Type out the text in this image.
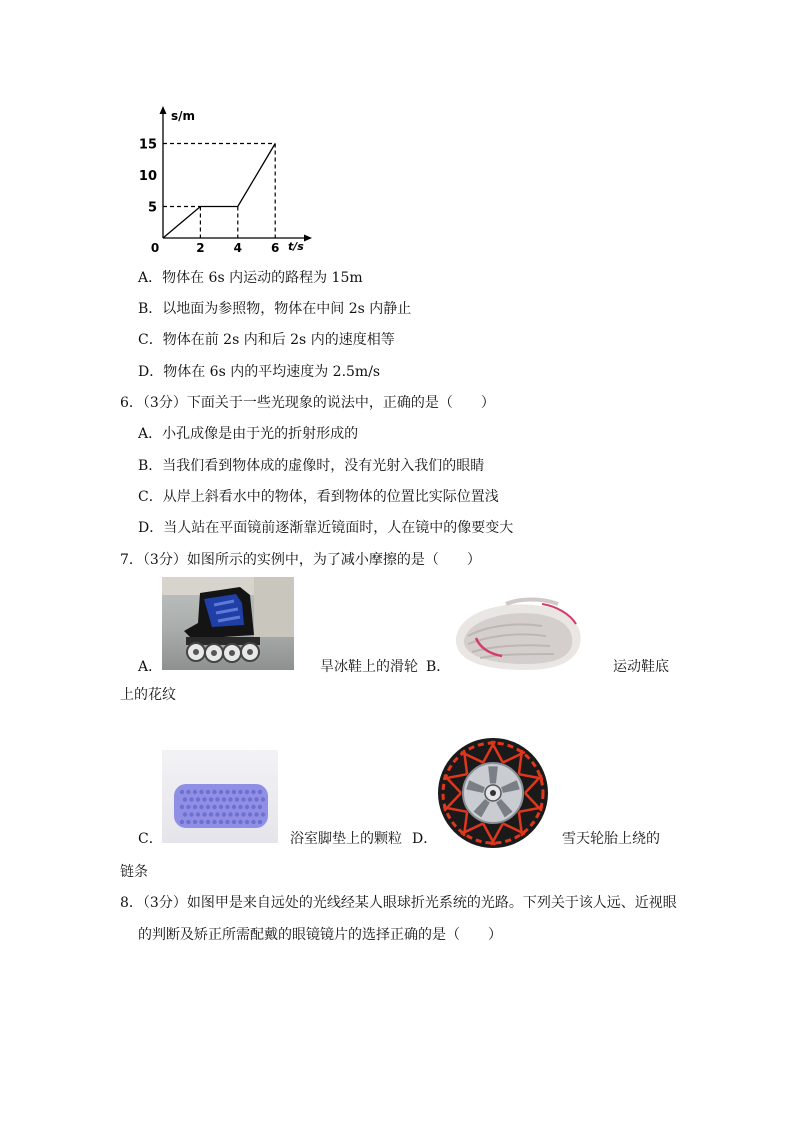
5
10
15
0	2 4 6
s/m
t/s
A．物体在 6s 内运动的路程为 15m
B．以地面为参照物，物体在中间 2s 内静止
C．物体在前 2s 内和后 2s 内的速度相等
D．物体在 6s 内的平均速度为 2.5m/s
6．（3分）下面关于一些光现象的说法中，正确的是（　　）
A．小孔成像是由于光的折射形成的
B．当我们看到物体成的虚像时，没有光射入我们的眼睛
C．从岸上斜看水中的物体，看到物体的位置比实际位置浅
D．当人站在平面镜前逐渐靠近镜面时，人在镜中的像要变大
7．（3分）如图所示的实例中，为了减小摩擦的是（　　）
A．	旱冰鞋上的滑轮 B．	运动鞋底
上的花纹
C．	浴室脚垫上的颗粒 D．	雪天轮胎上绕的
链条
8．（3分）如图甲是来自远处的光线经某人眼球折光系统的光路。下列关于该人远、近视眼
的判断及矫正所需配戴的眼镜镜片的选择正确的是（　　）
